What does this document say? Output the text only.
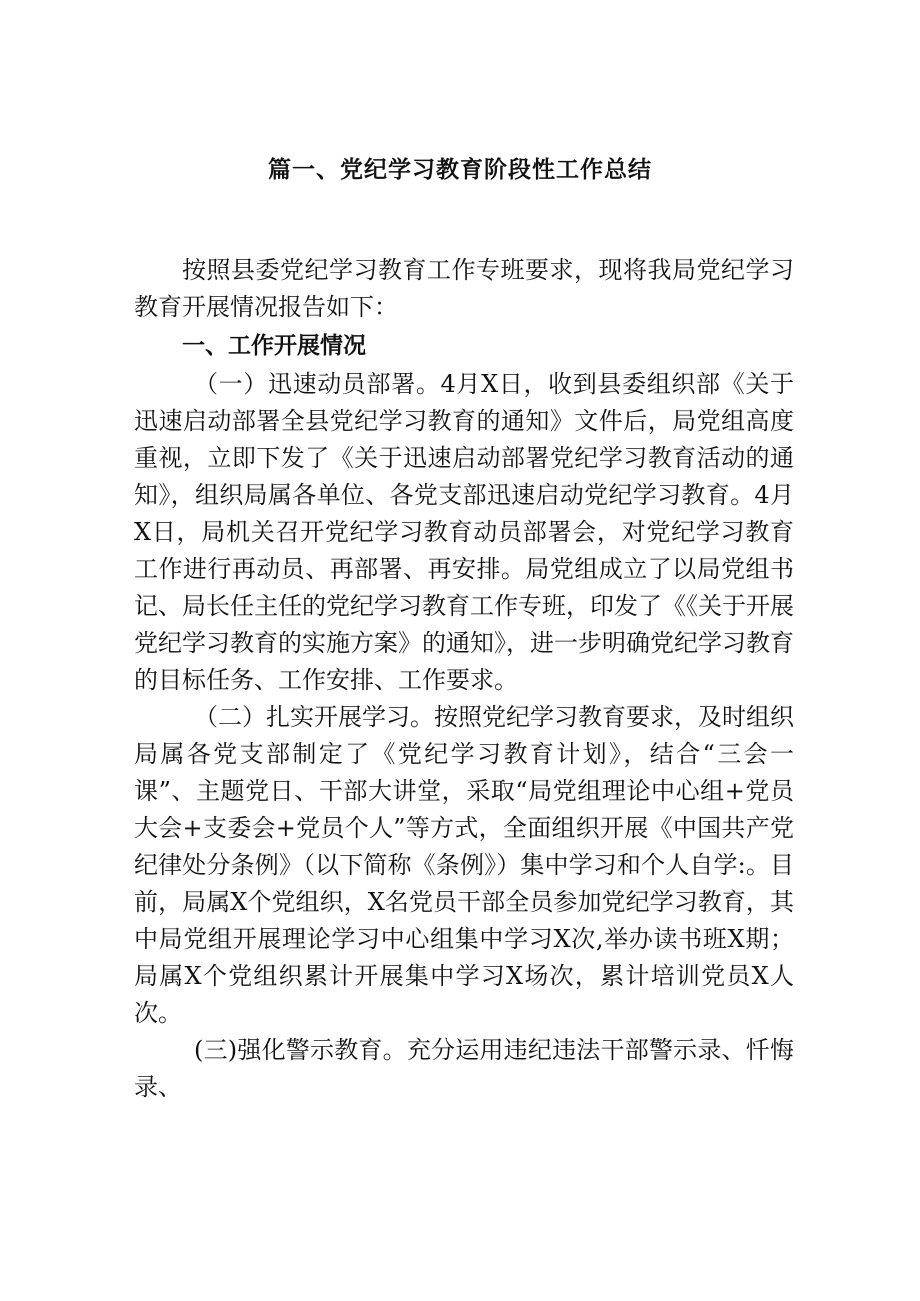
篇一、党纪学习教育阶段性工作总结

按照县委党纪学习教育工作专班要求，现将我局党纪学习教育开展情况报告如下：

一、工作开展情况

（一）迅速动员部署。4月X日，收到县委组织部《关于迅速启动部署全县党纪学习教育的通知》文件后，局党组高度重视，立即下发了《关于迅速启动部署党纪学习教育活动的通知》，组织局属各单位、各党支部迅速启动党纪学习教育。4月X日，局机关召开党纪学习教育动员部署会，对党纪学习教育工作进行再动员、再部署、再安排。局党组成立了以局党组书记、局长任主任的党纪学习教育工作专班，印发了《《关于开展党纪学习教育的实施方案》的通知》，进一步明确党纪学习教育的目标任务、工作安排、工作要求。

（二）扎实开展学习。按照党纪学习教育要求，及时组织局属各党支部制定了《党纪学习教育计划》，结合“三会一课”、主题党日、干部大讲堂，采取“局党组理论中心组+党员大会+支委会+党员个人”等方式，全面组织开展《中国共产党纪律处分条例》（以下简称《条例》）集中学习和个人自学:。目前，局属X个党组织，X名党员干部全员参加党纪学习教育，其中局党组开展理论学习中心组集中学习X次,举办读书班X期；局属X个党组织累计开展集中学习X场次，累计培训党员X人次。

(三)强化警示教育。充分运用违纪违法干部警示录、忏悔录、
